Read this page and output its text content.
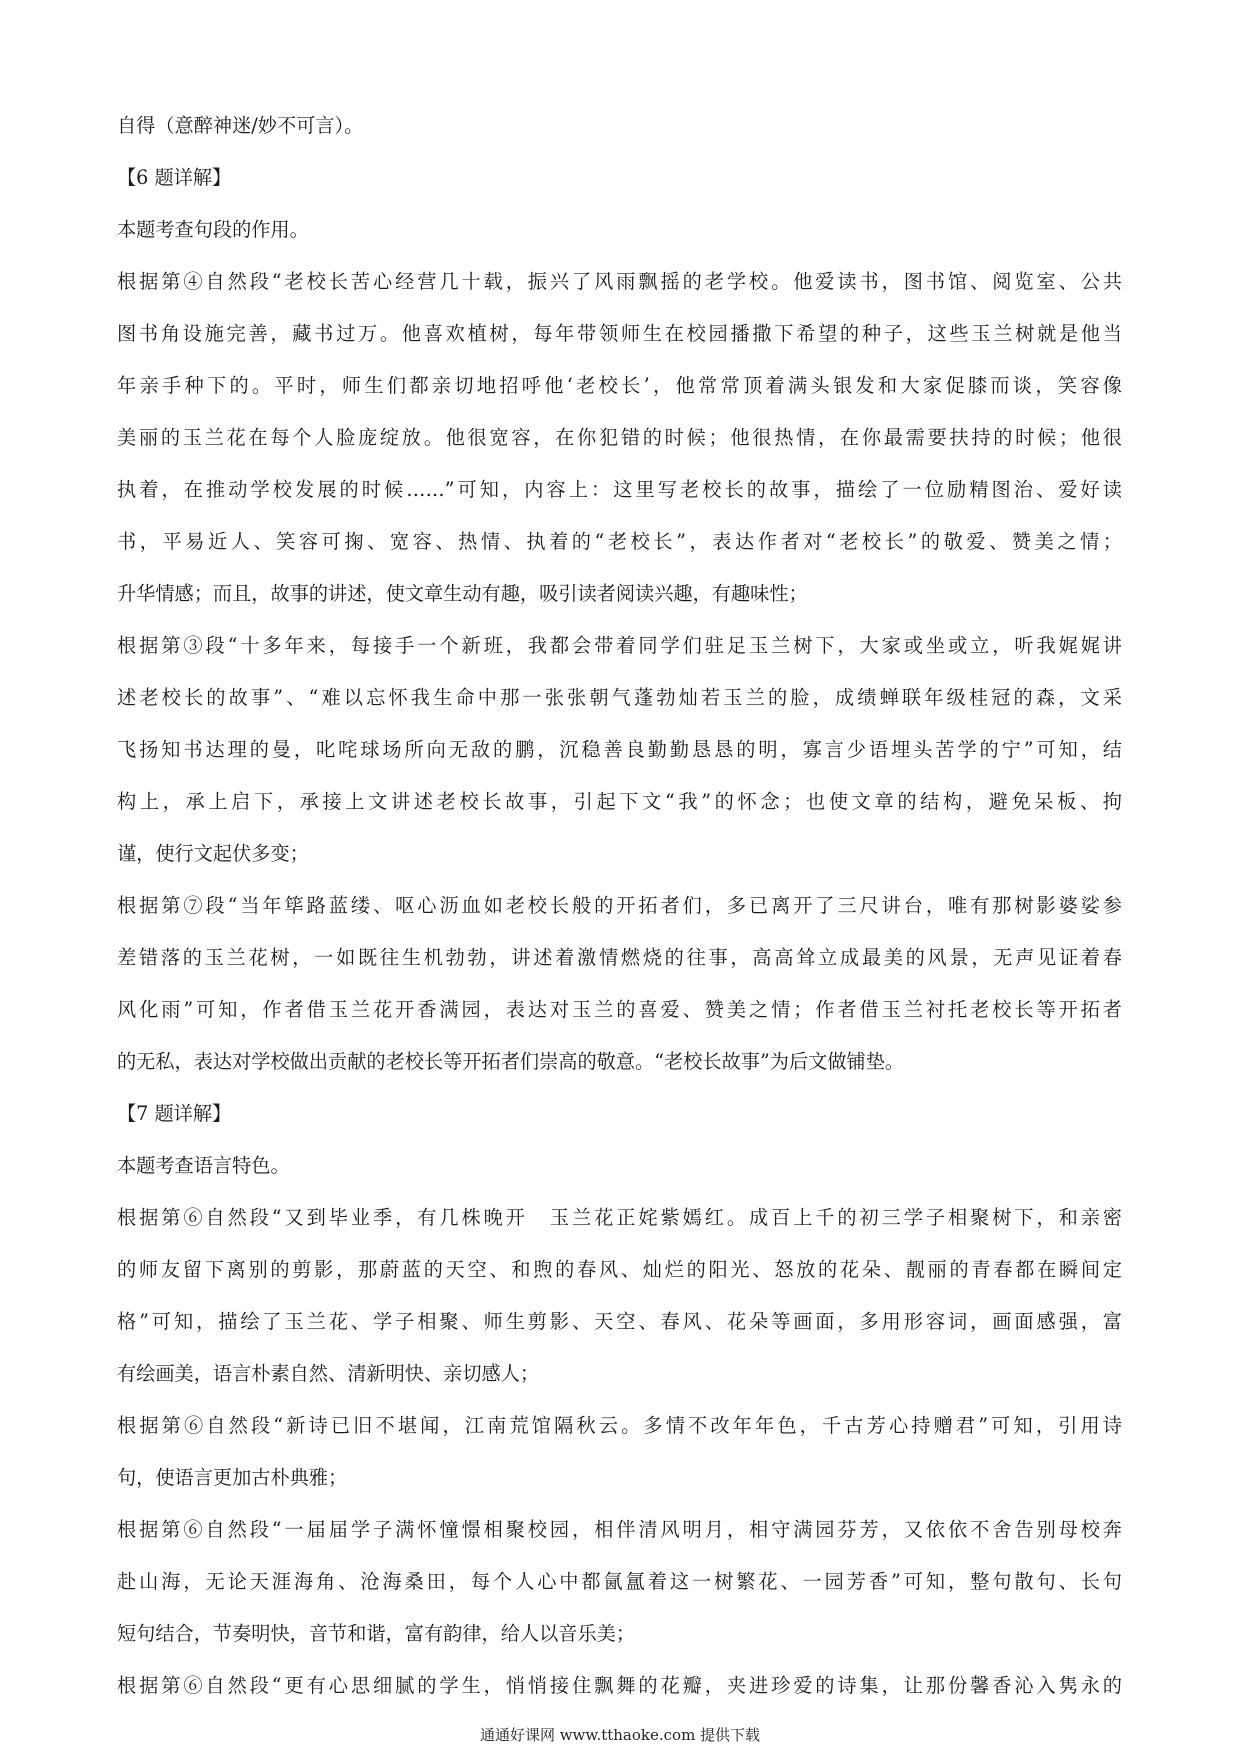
自得（意醉神迷/妙不可言）。
【6 题详解】
本题考查句段的作用。
根据第④自然段“老校长苦心经营几十载，振兴了风雨飘摇的老学校。他爱读书，图书馆、阅览室、公共
图书角设施完善，藏书过万。他喜欢植树，每年带领师生在校园播撒下希望的种子，这些玉兰树就是他当
年亲手种下的。平时，师生们都亲切地招呼他‘老校长’，他常常顶着满头银发和大家促膝而谈，笑容像
美丽的玉兰花在每个人脸庞绽放。他很宽容，在你犯错的时候；他很热情，在你最需要扶持的时候；他很
执着，在推动学校发展的时候……”可知，内容上：这里写老校长的故事，描绘了一位励精图治、爱好读
书，平易近人、笑容可掬、宽容、热情、执着的“老校长”，表达作者对“老校长”的敬爱、赞美之情；
升华情感；而且，故事的讲述，使文章生动有趣，吸引读者阅读兴趣，有趣味性；
根据第③段“十多年来，每接手一个新班，我都会带着同学们驻足玉兰树下，大家或坐或立，听我娓娓讲
述老校长的故事”、“难以忘怀我生命中那一张张朝气蓬勃灿若玉兰的脸，成绩蝉联年级桂冠的森，文采
飞扬知书达理的曼，叱咤球场所向无敌的鹏，沉稳善良勤勤恳恳的明，寡言少语埋头苦学的宁”可知，结
构上，承上启下，承接上文讲述老校长故事，引起下文“我”的怀念；也使文章的结构，避免呆板、拘
谨，使行文起伏多变；
根据第⑦段“当年筚路蓝缕、呕心沥血如老校长般的开拓者们，多已离开了三尺讲台，唯有那树影婆娑参
差错落的玉兰花树，一如既往生机勃勃，讲述着激情燃烧的往事，高高耸立成最美的风景，无声见证着春
风化雨”可知，作者借玉兰花开香满园，表达对玉兰的喜爱、赞美之情；作者借玉兰衬托老校长等开拓者
的无私，表达对学校做出贡献的老校长等开拓者们崇高的敬意。“老校长故事”为后文做铺垫。
【7 题详解】
本题考查语言特色。
根据第⑥自然段“又到毕业季，有几株晚开　玉兰花正姹紫嫣红。成百上千的初三学子相聚树下，和亲密
的师友留下离别的剪影，那蔚蓝的天空、和煦的春风、灿烂的阳光、怒放的花朵、靓丽的青春都在瞬间定
格”可知，描绘了玉兰花、学子相聚、师生剪影、天空、春风、花朵等画面，多用形容词，画面感强，富
有绘画美，语言朴素自然、清新明快、亲切感人；
根据第⑥自然段“新诗已旧不堪闻，江南荒馆隔秋云。多情不改年年色，千古芳心持赠君”可知，引用诗
句，使语言更加古朴典雅；
根据第⑥自然段“一届届学子满怀憧憬相聚校园，相伴清风明月，相守满园芬芳，又依依不舍告别母校奔
赴山海，无论天涯海角、沧海桑田，每个人心中都氤氲着这一树繁花、一园芳香”可知，整句散句、长句
短句结合，节奏明快，音节和谐，富有韵律，给人以音乐美；
根据第⑥自然段“更有心思细腻的学生，悄悄接住飘舞的花瓣，夹进珍爱的诗集，让那份馨香沁入隽永的
通通好课网 www.tthaoke.com 提供下载
